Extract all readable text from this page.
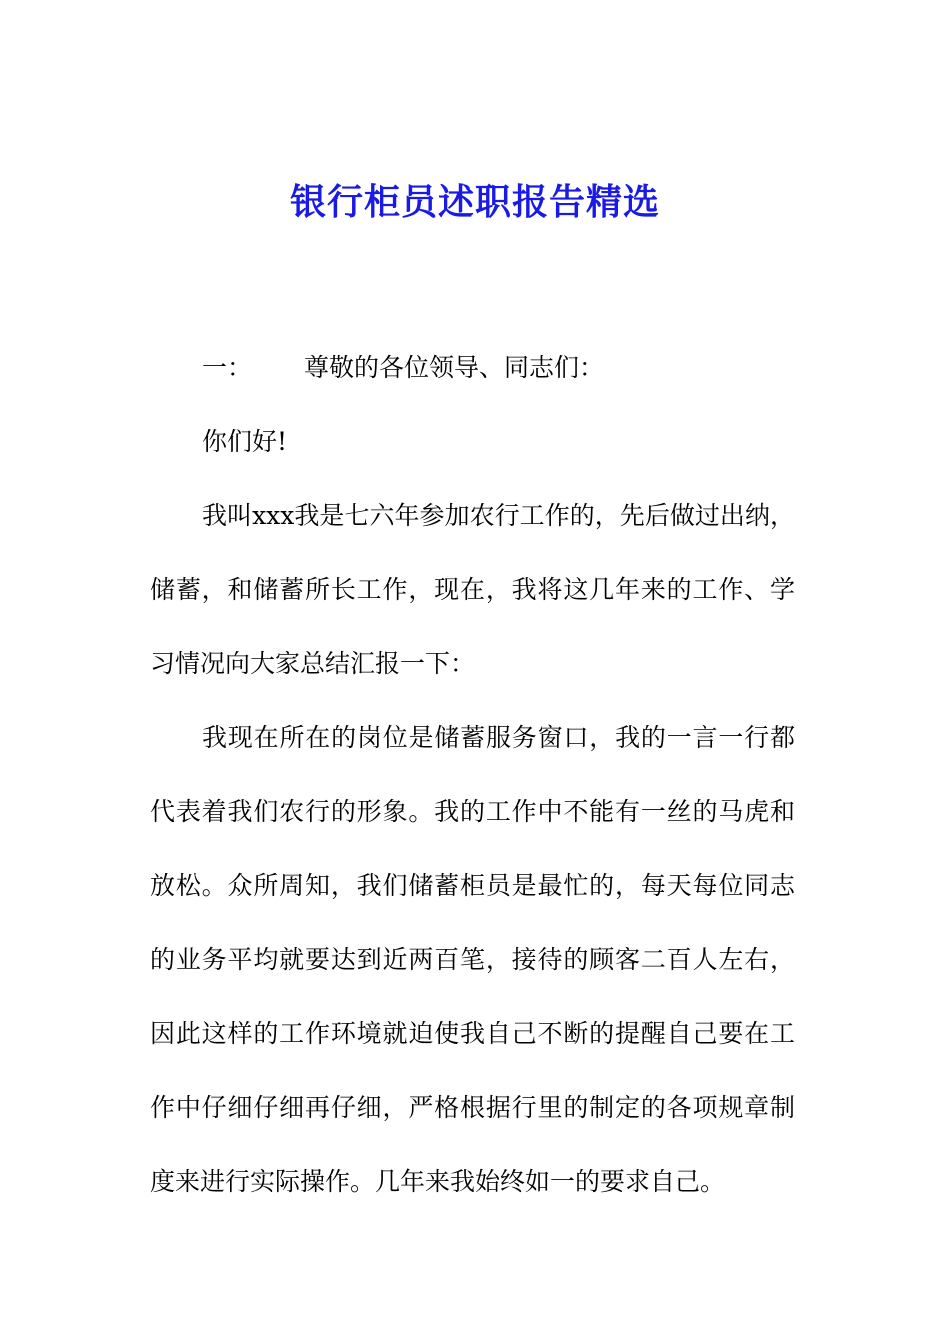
银行柜员述职报告精选

一： 尊敬的各位领导、同志们：

你们好!

我叫xxx我是七六年参加农行工作的，先后做过出纳，储蓄，和储蓄所长工作，现在，我将这几年来的工作、学习情况向大家总结汇报一下：

我现在所在的岗位是储蓄服务窗口，我的一言一行都代表着我们农行的形象。我的工作中不能有一丝的马虎和放松。众所周知，我们储蓄柜员是最忙的，每天每位同志的业务平均就要达到近两百笔，接待的顾客二百人左右，因此这样的工作环境就迫使我自己不断的提醒自己要在工作中仔细仔细再仔细，严格根据行里的制定的各项规章制度来进行实际操作。几年来我始终如一的要求自己。
